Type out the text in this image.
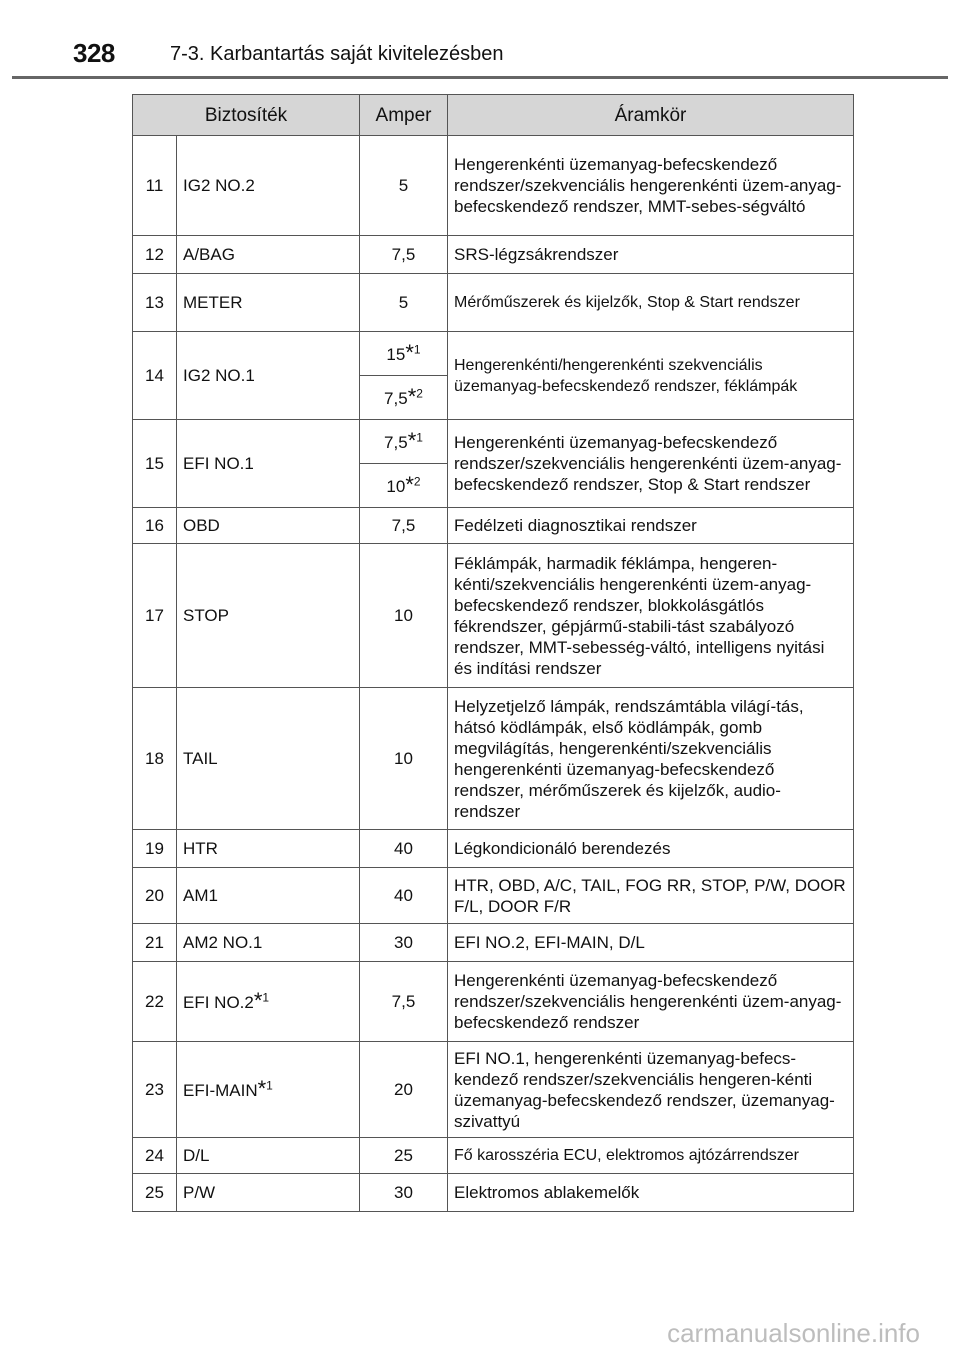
328	7-3. Karbantartás saját kivitelezésben
Biztosíték		Amper	Áramkör
11	IG2 NO.2	5	Hengerenkénti üzemanyag-befecskendező rendszer/szekvenciális hengerenkénti üzem-anyag-befecskendező rendszer, MMT-sebes-ségváltó
12	A/BAG	7,5	SRS-légzsákrendszer
13	METER	5	Mérőműszerek és kijelzők, Stop & Start rendszer
14	IG2 NO.1	15*$^1$	Hengerenkénti/hengerenkénti szekvenciális üzemanyag-befecskendező rendszer, féklámpák
		7,5*$^2$
15	EFI NO.1	7,5*$^1$	Hengerenkénti üzemanyag-befecskendező rendszer/szekvenciális hengerenkénti üzem-anyag-befecskendező rendszer, Stop & Start rendszer
		10*$^2$
16	OBD	7,5	Fedélzeti diagnosztikai rendszer
17	STOP	10	Féklámpák, harmadik féklámpa, hengeren-kénti/szekvenciális hengerenkénti üzem-anyag-befecskendező rendszer, blokkolásgátlós fékrendszer, gépjármű-stabili-tást szabályozó rendszer, MMT-sebesség-váltó, intelligens nyitási és indítási rendszer
18	TAIL	10	Helyzetjelző lámpák, rendszámtábla világí-tás, hátsó ködlámpák, első ködlámpák, gomb megvilágítás, hengerenkénti/szekvenciális hengerenkénti üzemanyag-befecskendező rendszer, mérőműszerek és kijelzők, audio-rendszer
19	HTR	40	Légkondicionáló berendezés
20	AM1	40	HTR, OBD, A/C, TAIL, FOG RR, STOP, P/W, DOOR F/L, DOOR F/R
21	AM2 NO.1	30	EFI NO.2, EFI-MAIN, D/L
22	EFI NO.2*$^1$	7,5	Hengerenkénti üzemanyag-befecskendező rendszer/szekvenciális hengerenkénti üzem-anyag-befecskendező rendszer
23	EFI-MAIN*$^1$	20	EFI NO.1, hengerenkénti üzemanyag-befecs-kendező rendszer/szekvenciális hengeren-kénti üzemanyag-befecskendező rendszer, üzemanyag-szivattyú
24	D/L	25	Fő karosszéria ECU, elektromos ajtózárrendszer
25	P/W	30	Elektromos ablakemelők
carmanualsonline.info
